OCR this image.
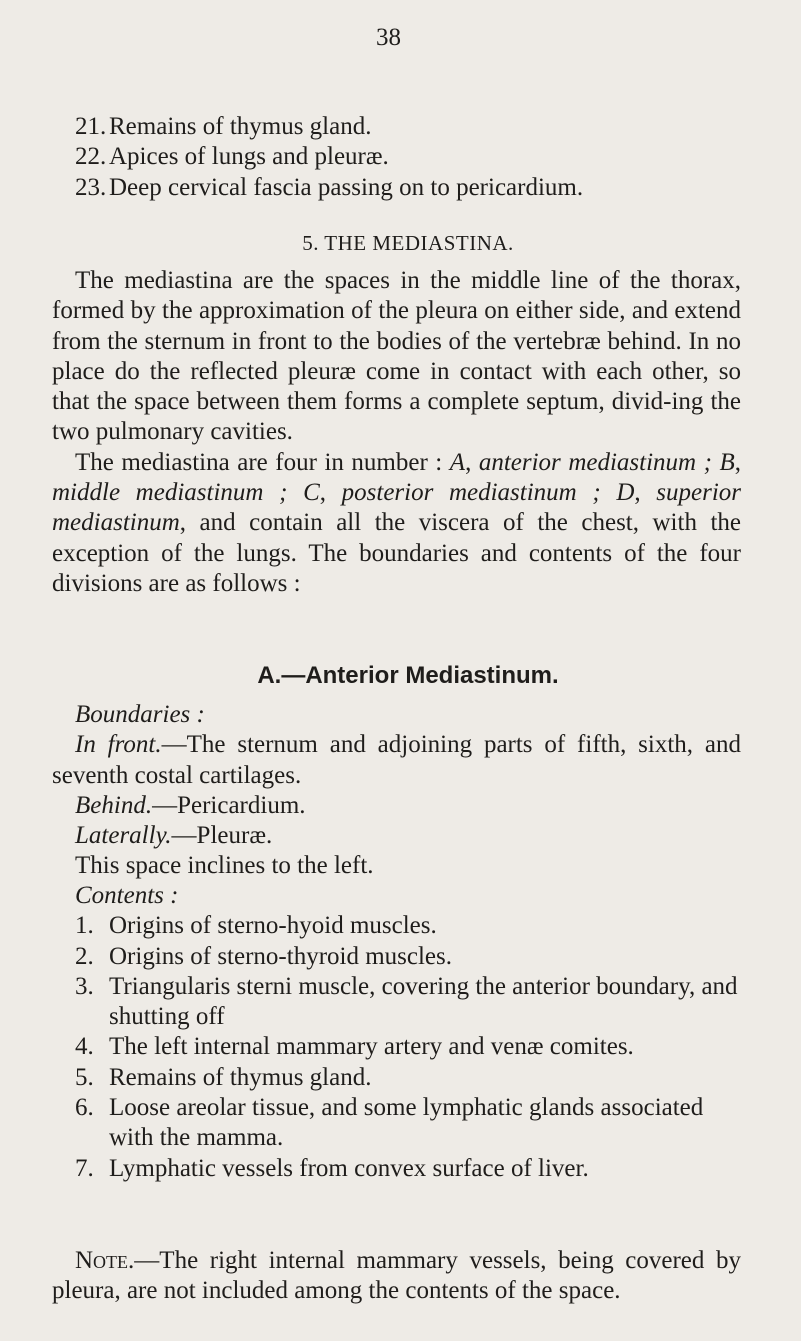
38
21. Remains of thymus gland.
22. Apices of lungs and pleuræ.
23. Deep cervical fascia passing on to pericardium.
5. THE MEDIASTINA.

The mediastina are the spaces in the middle line of the thorax, formed by the approximation of the pleura on either side, and extend from the sternum in front to the bodies of the vertebræ behind. In no place do the reflected pleuræ come in contact with each other, so that the space between them forms a complete septum, divid-ing the two pulmonary cavities.

The mediastina are four in number : A, anterior mediastinum ; B, middle mediastinum ; C, posterior mediastinum ; D, superior mediastinum, and contain all the viscera of the chest, with the exception of the lungs. The boundaries and contents of the four divisions are as follows :

A.—Anterior Mediastinum.
Boundaries :

In front.—The sternum and adjoining parts of fifth, sixth, and seventh costal cartilages.

Behind.—Pericardium.
Laterally.—Pleuræ.
This space inclines to the left.
Contents :
1. Origins of sterno-hyoid muscles.
2. Origins of sterno-thyroid muscles.
3. Triangularis sterni muscle, covering the anterior boundary, and shutting off
4. The left internal mammary artery and venæ comites.
5. Remains of thymus gland.
6. Loose areolar tissue, and some lymphatic glands associated with the mamma.
7. Lymphatic vessels from convex surface of liver.

Note.—The right internal mammary vessels, being covered by pleura, are not included among the contents of the space.
